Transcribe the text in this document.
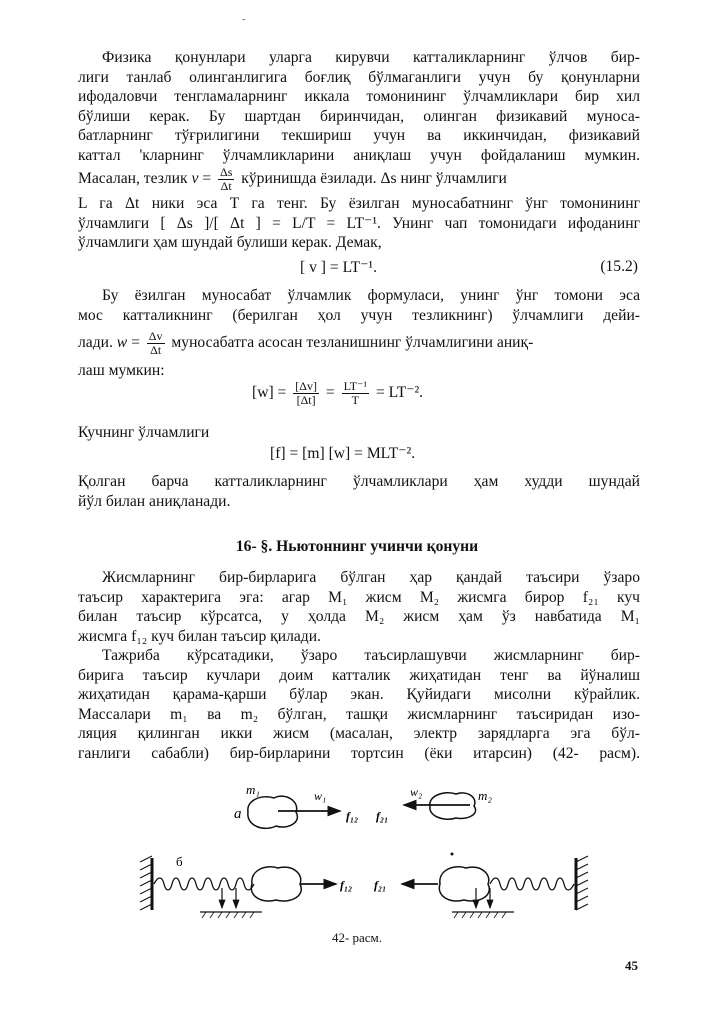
-
Физика қонунлари уларга кирувчи катталикларнинг ўлчов бир-
лиги танлаб олинганлигига боғлиқ бўлмаганлиги учун бу қонунларни
ифодаловчи тенгламаларнинг иккала томонининг ўлчамликлари бир хил
бўлиши керак. Бу шартдан биринчидан, олинган физикавий муноса-
батларнинг тўғрилигини текшириш учун ва иккинчидан, физикавий
каттал 'кларнинг ўлчамликларини аниқлаш учун фойдаланиш мумкин.
Масалан, тезлик $v = \frac{\Delta s}{\Delta t}$ кўринишда ёзилади. Δs нинг ўлчамлиги
L га Δt ники эса T га тенг. Бу ёзилган муносабатнинг ўнг томонининг
ўлчамлиги [ Δs ]/[ Δt ] = L/T = LT⁻¹. Унинг чап томонидаги ифоданинг
ўлчамлиги ҳам шундай булиши керак. Демак,
[ v ] = LT⁻¹.	(15.2)
Бу ёзилган муносабат ўлчамлик формуласи, унинг ўнг томони эса
мос катталикнинг (берилган ҳол учун тезликнинг) ўлчамлиги дейи-
лади. $w = \frac{\Delta v}{\Delta t}$ муносабатга асосан тезланишнинг ўлчамлигини аниқ-
лаш мумкин:
$[w] = \frac{[\Delta v]}{[\Delta t]} = \frac{\text{LT⁻¹}}{T} = LT^{-2}$.
Кучнинг ўлчамлиги
[f] = [m] [w] = MLT⁻².
Қолган барча катталикларнинг ўлчамликлари ҳам худди шундай
йўл билан аниқланади.
16- §. Ньютоннинг учинчи қонуни
Жисмларнинг бир-бирларига бўлган ҳар қандай таъсири ўзаро
таъсир характерига эга: агар M₁ жисм M₂ жисмга бирор f₂₁ куч
билан таъсир кўрсатса, у ҳолда M₂ жисм ҳам ўз навбатида M₁
жисмга f₁₂ куч билан таъсир қилади.
Тажриба кўрсатадики, ўзаро таъсирлашувчи жисмларнинг бир-
бирига таъсир кучлари доим катталик жиҳатидан тенг ва йўналиш
жиҳатидан қарама-қарши бўлар экан. Қуйидаги мисолни кўрайлик.
Массалари m₁ ва m₂ бўлган, ташқи жисмларнинг таъсиридан изо-
ляция қилинган икки жисм (масалан, электр зарядларга эга бўл-
ганлиги сабабли) бир-бирларини тортсин (ёки итарсин) (42- расм).
a
m₁	w₁
f₁₂ f₂₁
w₂	m₂
б
f₁₂ f₂₁
42- расм.
45
